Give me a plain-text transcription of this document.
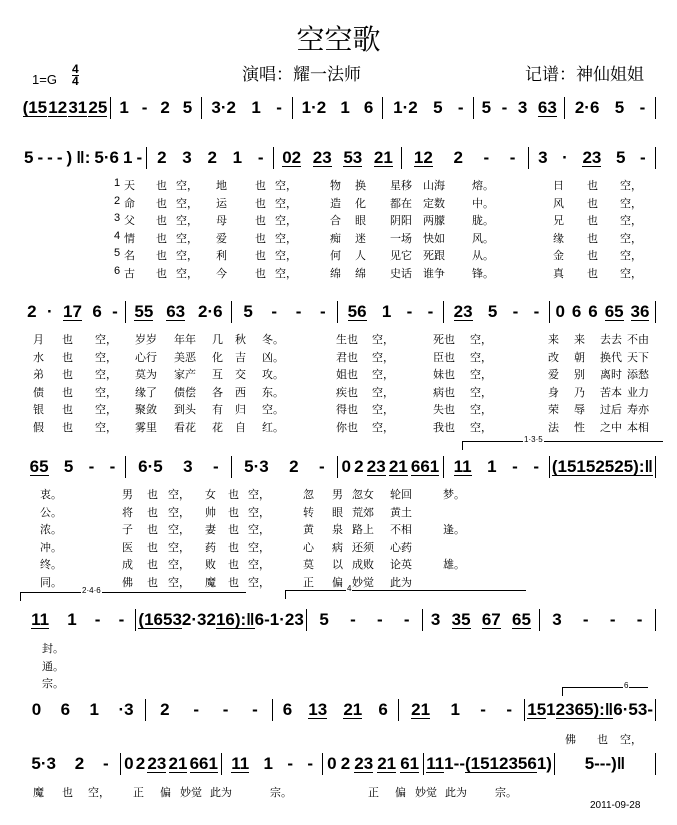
空空歌
演唱：耀一法师	记谱：神仙姐姐
1=G
4
4
(15 12 31 25 1 - 2 5 3·2 1 - 1·2 1 6 1·2 5 - 5 - 3 63 2·6 5 -
5 - - - ) ‖: 5·6 1 - 2 3 2 1 - 02 23 53 21 12 2 - - 3 · 23 5 -
2 · 17 6 - 55 63 2·6 5 - - - 56 1 - - 23 5 - - 0 6 6 65 36
65 5 - - 6·5 3 - 5·3 2 - 0 2 23 21 661 11 1 - - (15 15 25 25):‖
11 1 - - (16 53 2·32 16):‖ 6 - 1·23 5 - - - 3 35 67 65 3 - - -
0 6 1 ·3 2 - - - 6 13 21 6 21 1 - - 15 1 23 65):‖ 6 ·5 3 -
5·3 2 - 0 2 23 21 661 11 1 - - 0 2 23 21 61 11 1 - - (1512356 1) 5---)‖
1·3·5
2·4·6	4
6
1 天 也 空， 地	也 空，	物 换 星移 山海 熔。	日 也 空，
2 命 也 空， 运	也 空，	造 化 都在 定数 中。	风 也 空，
3 父 也 空， 母	也 空，	合 眼 阴阳 两朦 胧。	兄 也 空，
4 情 也 空， 爱	也 空，	痴 迷 一场 快如 风。	缘 也 空，
5 名 也 空， 利	也 空，	何 人 见它 死跟 从。	金 也 空，
6 古 也 空， 今	也 空，	绵 绵 史话 谁争 锋。	真 也 空，
月 也 空， 岁岁 年年 几 秋 冬。	生也 空，	死也 空，	来 来 去去 不由
水 也 空， 心行 美恶 化 吉 凶。	君也 空，	臣也 空，	改 朝 换代 天下
弟 也 空， 莫为 家产 互 交 攻。	姐也 空，	妹也 空，	爱 别 离时 添愁
债 也 空， 缘了 债偿 各 西 东。	疾也 空，	病也 空，	身 乃 苦本 业力
银 也 空， 聚敛 到头 有 归 空。	得也 空，	失也 空，	荣 辱 过后 寿亦
假 也 空， 雾里 看花 花 自 红。	你也 空，	我也 空，	法 性 之中 本相
衷。	男 也 空， 女 也 空，	忽 男 忽女 轮回	梦。
公。	将 也 空， 帅 也 空，	转 眼 荒郊 黄土
浓。	子 也 空， 妻 也 空，	黄 泉 路上 不相	逢。
冲。	医 也 空， 药 也 空，	心 病 还须 心药
终。	成 也 空， 败 也 空，	莫 以 成败 论英	雄。
同。	佛 也 空， 魔 也 空，	正 偏 妙觉 此为
封。
通。
宗。
佛 也 空，
魔 也 空， 正 偏 妙觉 此为	宗。	正 偏 妙觉 此为	宗。
2011-09-28
